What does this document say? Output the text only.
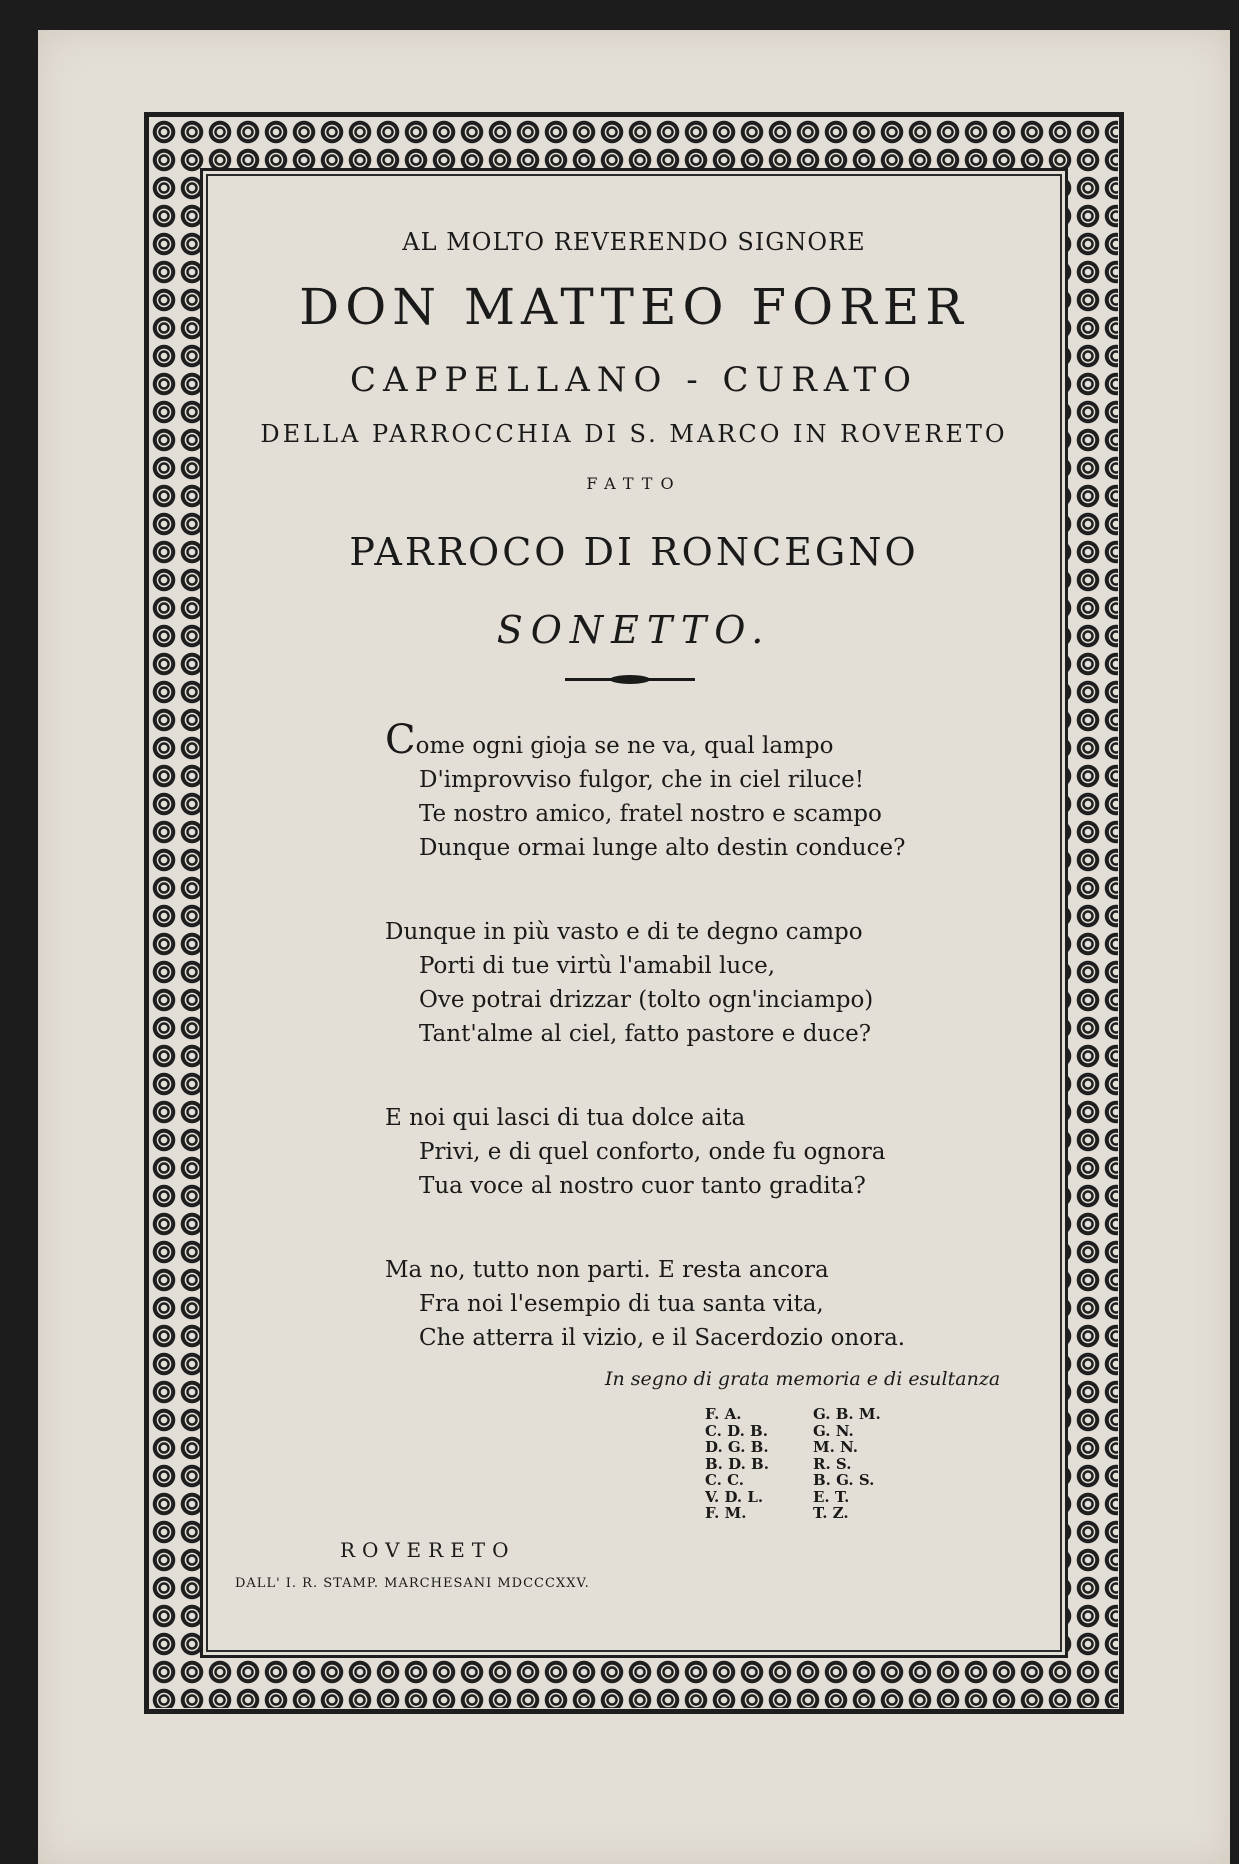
AL MOLTO REVERENDO SIGNORE
DON MATTEO FORER
CAPPELLANO - CURATO
DELLA PARROCCHIA DI S. MARCO IN ROVERETO
FATTO
PARROCO DI RONCEGNO
SONETTO.
Come ogni gioja se ne va, qual lampo
D'improvviso fulgor, che in ciel riluce!
Te nostro amico, fratel nostro e scampo
Dunque ormai lunge alto destin conduce?
Dunque in più vasto e di te degno campo
Porti di tue virtù l'amabil luce,
Ove potrai drizzar (tolto ogn'inciampo)
Tant'alme al ciel, fatto pastore e duce?
E noi qui lasci di tua dolce aita
Privi, e di quel conforto, onde fu ognora
Tua voce al nostro cuor tanto gradita?
Ma no, tutto non parti. E resta ancora
Fra noi l'esempio di tua santa vita,
Che atterra il vizio, e il Sacerdozio onora.
In segno di grata memoria e di esultanza
F. A.
C. D. B.
D. G. B.
B. D. B.
C. C.
V. D. L.
F. M.
G. B. M.
G. N.
M. N.
R. S.
B. G. S.
E. T.
T. Z.
ROVERETO
DALL' I. R. STAMP. MARCHESANI MDCCCXXV.
